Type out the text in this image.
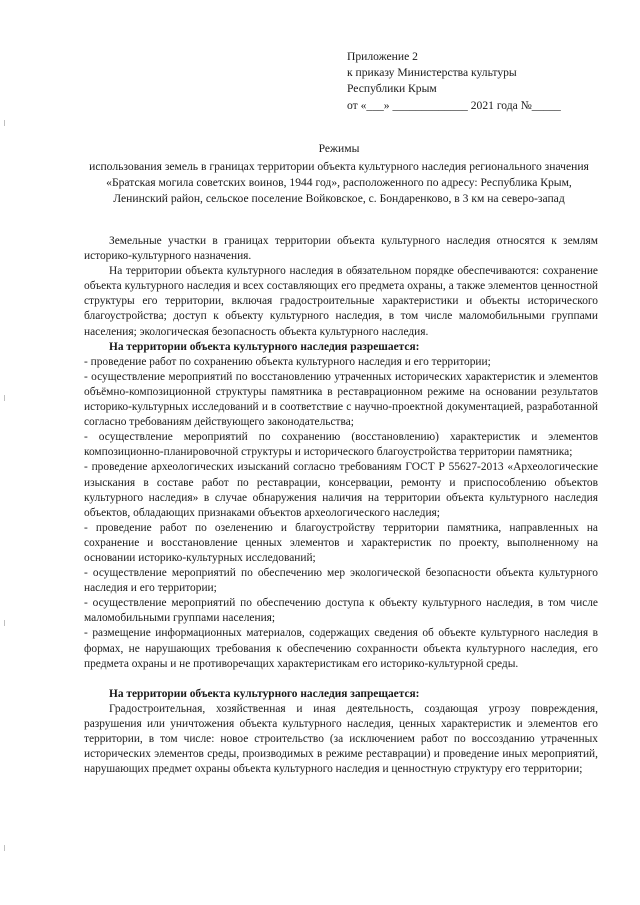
Приложение 2
к приказу Министерства культуры
Республики Крым
от «___» _____________ 2021 года №_____
Режимы
использования земель в границах территории объекта культурного наследия регионального значения «Братская могила советских воинов, 1944 год», расположенного по адресу: Республика Крым, Ленинский район, сельское поселение Войковское, с. Бондаренково, в 3 км на северо-запад

Земельные участки в границах территории объекта культурного наследия относятся к землям историко-культурного назначения.

На территории объекта культурного наследия в обязательном порядке обеспечиваются: сохранение объекта культурного наследия и всех составляющих его предмета охраны, а также элементов ценностной структуры его территории, включая градостроительные характеристики и объекты исторического благоустройства; доступ к объекту культурного наследия, в том числе маломобильными группами населения; экологическая безопасность объекта культурного наследия.

На территории объекта культурного наследия разрешается:

- проведение работ по сохранению объекта культурного наследия и его территории;

- осуществление мероприятий по восстановлению утраченных исторических характеристик и элементов объёмно-композиционной структуры памятника в реставрационном режиме на основании результатов историко-культурных исследований и в соответствие с научно-проектной документацией, разработанной согласно требованиям действующего законодательства;

- осуществление мероприятий по сохранению (восстановлению) характеристик и элементов композиционно-планировочной структуры и исторического благоустройства территории памятника;

- проведение археологических изысканий согласно требованиям ГОСТ Р 55627-2013 «Археологические изыскания в составе работ по реставрации, консервации, ремонту и приспособлению объектов культурного наследия» в случае обнаружения наличия на территории объекта культурного наследия объектов, обладающих признаками объектов археологического наследия;

- проведение работ по озеленению и благоустройству территории памятника, направленных на сохранение и восстановление ценных элементов и характеристик по проекту, выполненному на основании историко-культурных исследований;

- осуществление мероприятий по обеспечению мер экологической безопасности объекта культурного наследия и его территории;

- осуществление мероприятий по обеспечению доступа к объекту культурного наследия, в том числе маломобильными группами населения;

- размещение информационных материалов, содержащих сведения об объекте культурного наследия в формах, не нарушающих требования к обеспечению сохранности объекта культурного наследия, его предмета охраны и не противоречащих характеристикам его историко-культурной среды.

На территории объекта культурного наследия запрещается:

Градостроительная, хозяйственная и иная деятельность, создающая угрозу повреждения, разрушения или уничтожения объекта культурного наследия, ценных характеристик и элементов его территории, в том числе: новое строительство (за исключением работ по воссозданию утраченных исторических элементов среды, производимых в режиме реставрации) и проведение иных мероприятий, нарушающих предмет охраны объекта культурного наследия и ценностную структуру его территории;
